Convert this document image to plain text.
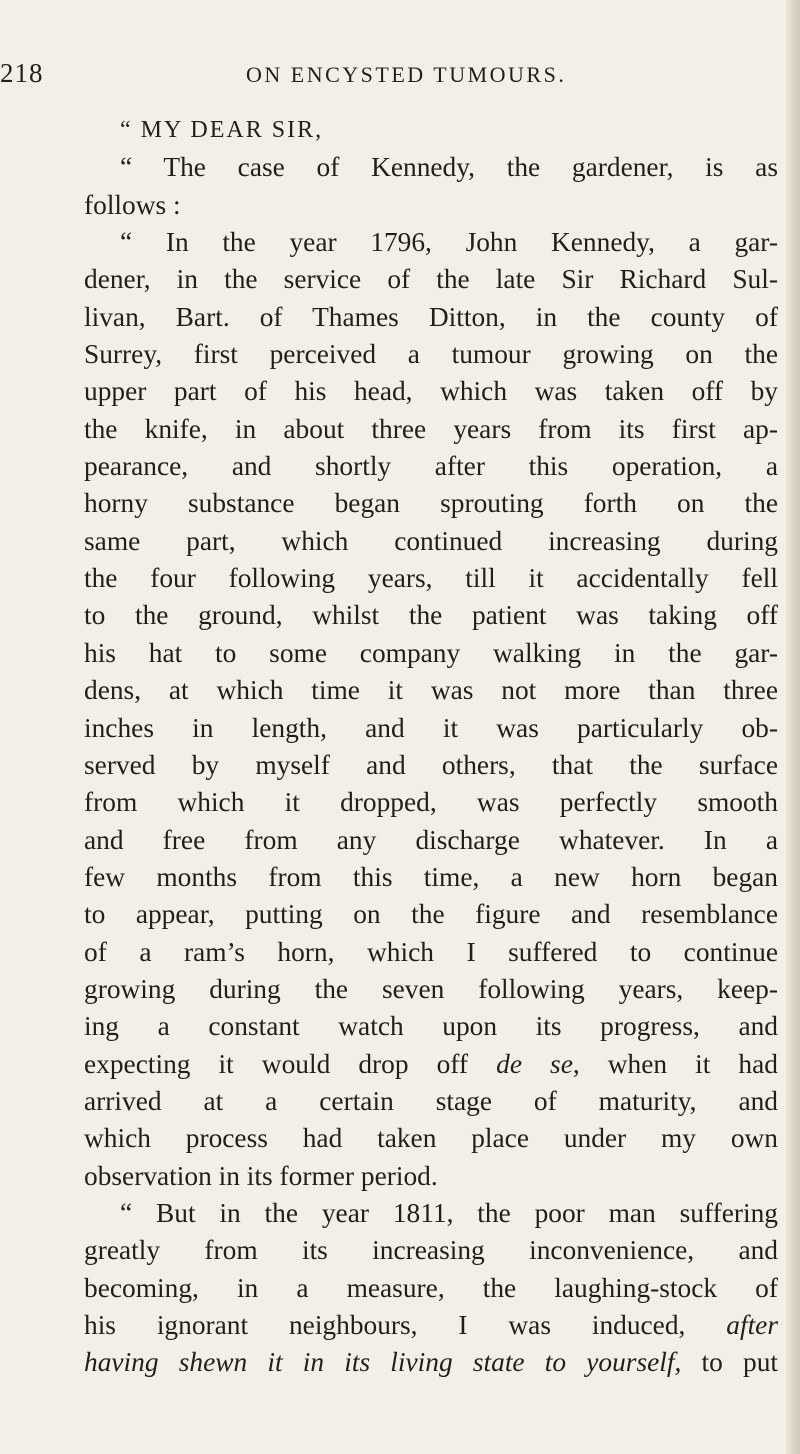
218	ON ENCYSTED TUMOURS.
“ MY DEAR SIR,
“ The case of Kennedy, the gardener, is as
follows :
“ In the year 1796, John Kennedy, a gar-
dener, in the service of the late Sir Richard Sul-
livan, Bart. of Thames Ditton, in the county of
Surrey, first perceived a tumour growing on the
upper part of his head, which was taken off by
the knife, in about three years from its first ap-
pearance, and shortly after this operation, a
horny substance began sprouting forth on the
same part, which continued increasing during
the four following years, till it accidentally fell
to the ground, whilst the patient was taking off
his hat to some company walking in the gar-
dens, at which time it was not more than three
inches in length, and it was particularly ob-
served by myself and others, that the surface
from which it dropped, was perfectly smooth
and free from any discharge whatever. In a
few months from this time, a new horn began
to appear, putting on the figure and resemblance
of a ram’s horn, which I suffered to continue
growing during the seven following years, keep-
ing a constant watch upon its progress, and
expecting it would drop off de se, when it had
arrived at a certain stage of maturity, and
which process had taken place under my own
observation in its former period.
“ But in the year 1811, the poor man suffering
greatly from its increasing inconvenience, and
becoming, in a measure, the laughing-stock of
his ignorant neighbours, I was induced, after
having shewn it in its living state to yourself, to put
